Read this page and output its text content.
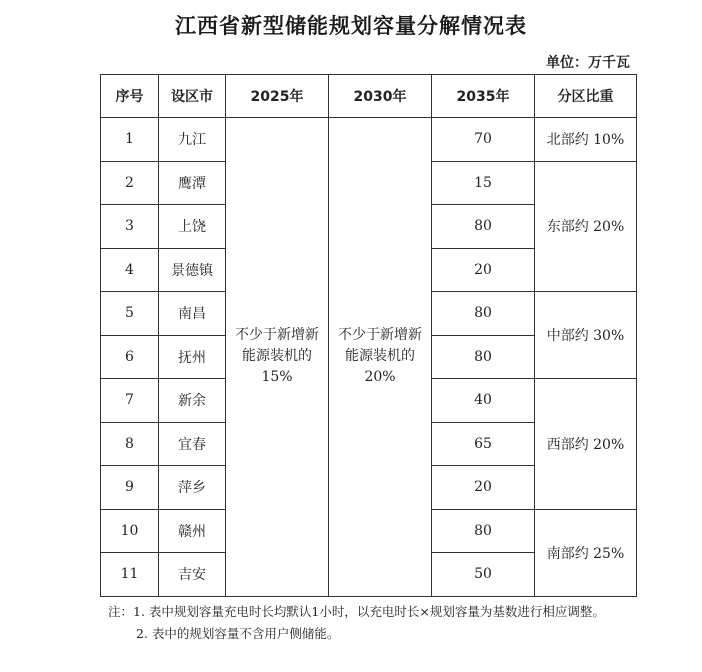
江西省新型储能规划容量分解情况表
单位：万千瓦
序号	设区市	2025年	2030年	2035年	分区比重
1	九江	不少于新增新能源装机的 15%	不少于新增新能源装机的 20%	70	北部约 10%
2	鹰潭			15	东部约 20%
3	上饶			80	
4	景德镇			20	
5	南昌			80	中部约 30%
6	抚州			80	
7	新余			40	西部约 20%
8	宜春			65	
9	萍乡			20	
10	赣州			80	南部约 25%
11	吉安			50	
注：1. 表中规划容量充电时长均默认1小时，以充电时长×规划容量为基数进行相应调整。
2. 表中的规划容量不含用户侧储能。
